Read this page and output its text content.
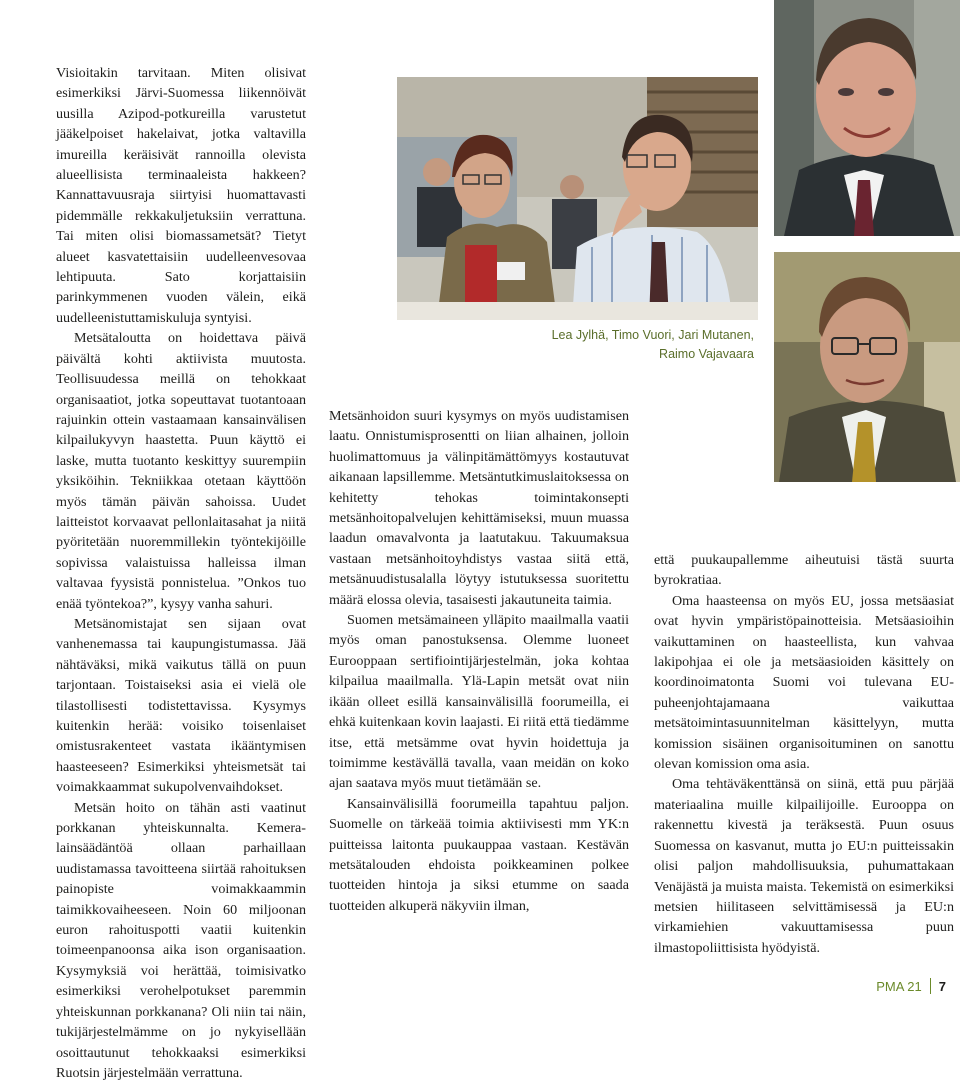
Visioitakin tarvitaan. Miten olisivat esimerkiksi Järvi-Suomessa liikennöivät uusilla Azipod-potkureilla varustetut jääkelpoiset hakelaivat, jotka valtavilla imureilla keräisivät rannoilla olevista alueellisista terminaaleista hakkeen? Kannattavuusraja siirtyisi huomattavasti pidemmälle rekkakuljetuksiin verrattuna. Tai miten olisi biomassametsät? Tietyt alueet kasvatettaisiin uudelleenvesovaa lehtipuuta. Sato korjattaisiin parinkymmenen vuoden välein, eikä uudelleenistuttamiskuluja syntyisi.

Metsätaloutta on hoidettava päivä päivältä kohti aktiivista muutosta. Teollisuudessa meillä on tehokkaat organisaatiot, jotka sopeuttavat tuotantoaan rajuinkin ottein vastaamaan kansainvälisen kilpailukyvyn haastetta. Puun käyttö ei laske, mutta tuotanto keskittyy suurempiin yksiköihin. Tekniikkaa otetaan käyttöön myös tämän päivän sahoissa. Uudet laitteistot korvaavat pellonlaitasahat ja niitä pyöritetään nuoremmillekin työntekijöille sopivissa valaistuissa halleissa ilman valtavaa fyysistä ponnistelua. ”Onkos tuo enää työntekoa?”, kysyy vanha sahuri.

Metsänomistajat sen sijaan ovat vanhenemassa tai kaupungistumassa. Jää nähtäväksi, mikä vaikutus tällä on puun tarjontaan. Toistaiseksi asia ei vielä ole tilastollisesti todistettavissa. Kysymys kuitenkin herää: voisiko toisenlaiset omistusrakenteet vastata ikääntymisen haasteeseen? Esimerkiksi yhteismetsät tai voimakkaammat sukupolvenvaihdokset.

Metsän hoito on tähän asti vaatinut porkkanan yhteiskunnalta. Kemera-lainsäädäntöä ollaan parhaillaan uudistamassa tavoitteena siirtää rahoituksen painopiste voimakkaammin taimikkovaiheeseen. Noin 60 miljoonan euron rahoituspotti vaatii kuitenkin toimeenpanoonsa aika ison organisaation. Kysymyksiä voi herättää, toimisivatko esimerkiksi verohelpotukset paremmin yhteiskunnan porkkanana? Oli niin tai näin, tukijärjestelmämme on jo nykyisellään osoittautunut tehokkaaksi esimerkiksi Ruotsin järjestelmään verrattuna.

Lea Jylhä, Timo Vuori, Jari Mutanen,
Raimo Vajavaara

Metsänhoidon suuri kysymys on myös uudistamisen laatu. Onnistumisprosentti on liian alhainen, jolloin huolimattomuus ja välinpitämättömyys kostautuvat aikanaan lapsillemme. Metsäntutkimuslaitoksessa on kehitetty tehokas toimintakonsepti metsänhoitopalvelujen kehittämiseksi, muun muassa laadun omavalvonta ja laatutakuu. Takuumaksua vastaan metsänhoitoyhdistys vastaa siitä että, metsänuudistusalalla löytyy istutuksessa suoritettu määrä elossa olevia, tasaisesti jakautuneita taimia.

Suomen metsämaineen ylläpito maailmalla vaatii myös oman panostuksensa. Olemme luoneet Eurooppaan sertifiointijärjestelmän, joka kohtaa kilpailua maailmalla. Ylä-Lapin metsät ovat niin ikään olleet esillä kansainvälisillä foorumeilla, ei ehkä kuitenkaan kovin laajasti. Ei riitä että tiedämme itse, että metsämme ovat hyvin hoidettuja ja toimimme kestävällä tavalla, vaan meidän on koko ajan saatava myös muut tietämään se.

Kansainvälisillä foorumeilla tapahtuu paljon. Suomelle on tärkeää toimia aktiivisesti mm YK:n puitteissa laitonta puukauppaa vastaan. Kestävän metsätalouden ehdoista poikkeaminen polkee tuotteiden hintoja ja siksi etumme on saada tuotteiden alkuperä näkyviin ilman,

että puukaupallemme aiheutuisi tästä suurta byrokratiaa.

Oma haasteensa on myös EU, jossa metsäasiat ovat hyvin ympäristöpainotteisia. Metsäasioihin vaikuttaminen on haasteellista, kun vahvaa lakipohjaa ei ole ja metsäasioiden käsittely on koordinoimatonta Suomi voi tulevana EU-puheenjohtajamaana vaikuttaa metsätoimintasuunnitelman käsittelyyn, mutta komission sisäinen organisoituminen on sanottu olevan komission oma asia.

Oma tehtäväkenttänsä on siinä, että puu pärjää materiaalina muille kilpailijoille. Eurooppa on rakennettu kivestä ja teräksestä. Puun osuus Suomessa on kasvanut, mutta jo EU:n puitteissakin olisi paljon mahdollisuuksia, puhumattakaan Venäjästä ja muista maista. Tekemistä on esimerkiksi metsien hiilitaseen selvittämisessä ja EU:n virkamiehien vakuuttamisessa puun ilmastopoliittisista hyödyistä.

PMA 21 7
